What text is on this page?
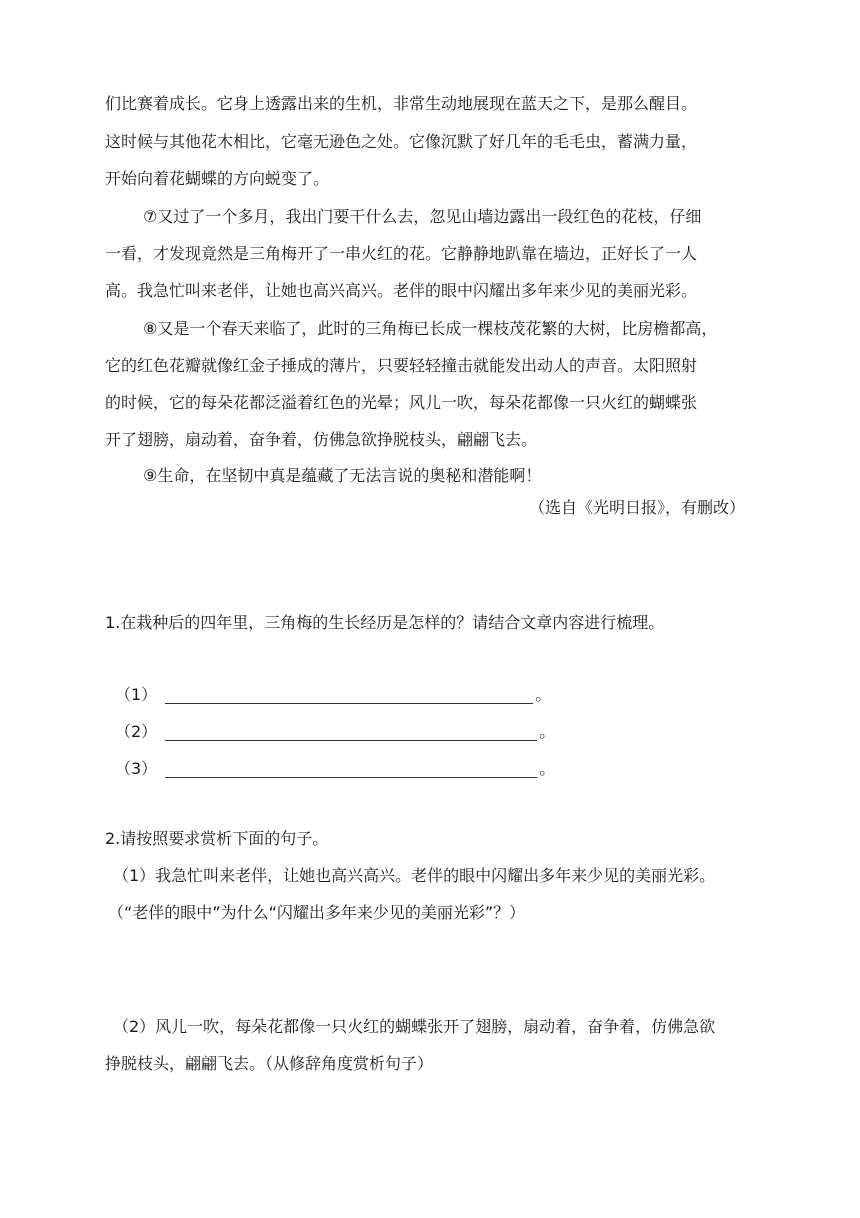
们比赛着成长。它身上透露出来的生机，非常生动地展现在蓝天之下，是那么醒目。
这时候与其他花木相比，它毫无逊色之处。它像沉默了好几年的毛毛虫，蓄满力量，
开始向着花蝴蝶的方向蜕变了。
⑦又过了一个多月，我出门要干什么去，忽见山墙边露出一段红色的花枝，仔细
一看，才发现竟然是三角梅开了一串火红的花。它静静地趴靠在墙边，正好长了一人
高。我急忙叫来老伴，让她也高兴高兴。老伴的眼中闪耀出多年来少见的美丽光彩。
⑧又是一个春天来临了，此时的三角梅已长成一棵枝茂花繁的大树，比房檐都高，
它的红色花瓣就像红金子捶成的薄片，只要轻轻撞击就能发出动人的声音。太阳照射
的时候，它的每朵花都泛溢着红色的光晕；风儿一吹，每朵花都像一只火红的蝴蝶张
开了翅膀，扇动着，奋争着，仿佛急欲挣脱枝头，翩翩飞去。
⑨生命，在坚韧中真是蕴藏了无法言说的奥秘和潜能啊！
（选自《光明日报》，有删改）
1.在栽种后的四年里，三角梅的生长经历是怎样的？请结合文章内容进行梳理。
（1）	。
（2）	。
（3）	。
2.请按照要求赏析下面的句子。
（1）我急忙叫来老伴，让她也高兴高兴。老伴的眼中闪耀出多年来少见的美丽光彩。
（“老伴的眼中”为什么“闪耀出多年来少见的美丽光彩”？）
（2）风儿一吹，每朵花都像一只火红的蝴蝶张开了翅膀，扇动着，奋争着，仿佛急欲
挣脱枝头，翩翩飞去。（从修辞角度赏析句子）
